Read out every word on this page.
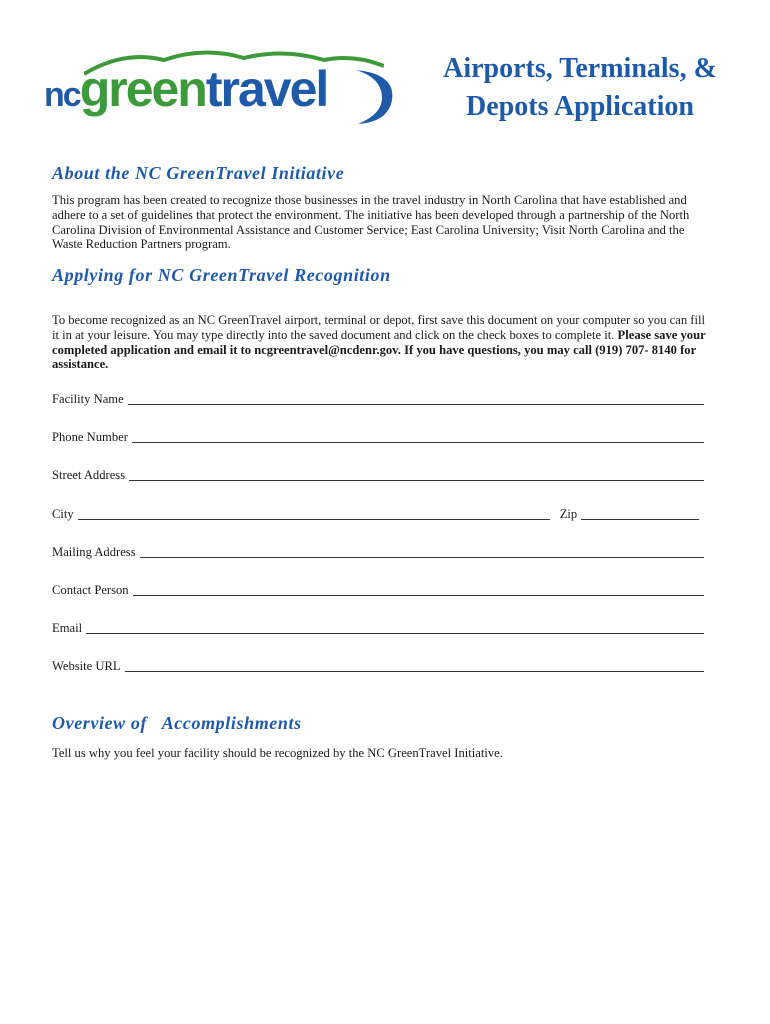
ncgreentravel	Airports, Terminals, &
Depots Application
About the NC GreenTravel Initiative
This program has been created to recognize those businesses in the travel industry in North Carolina that have established and adhere to a set of guidelines that protect the environment. The initiative has been developed through a partnership of the North Carolina Division of Environmental Assistance and Customer Service; East Carolina University; Visit North Carolina and the Waste Reduction Partners program.
Applying for NC GreenTravel Recognition
To become recognized as an NC GreenTravel airport, terminal or depot, first save this document on your computer so you can fill it in at your leisure. You may type directly into the saved document and click on the check boxes to complete it. Please save your completed application and email it to ncgreentravel@ncdenr.gov. If you have questions, you may call (919) 707- 8140 for assistance.
Facility Name
Phone Number
Street Address
City	Zip
Mailing Address
Contact Person
Email
Website URL
Overview of   Accomplishments
Tell us why you feel your facility should be recognized by the NC GreenTravel Initiative.
